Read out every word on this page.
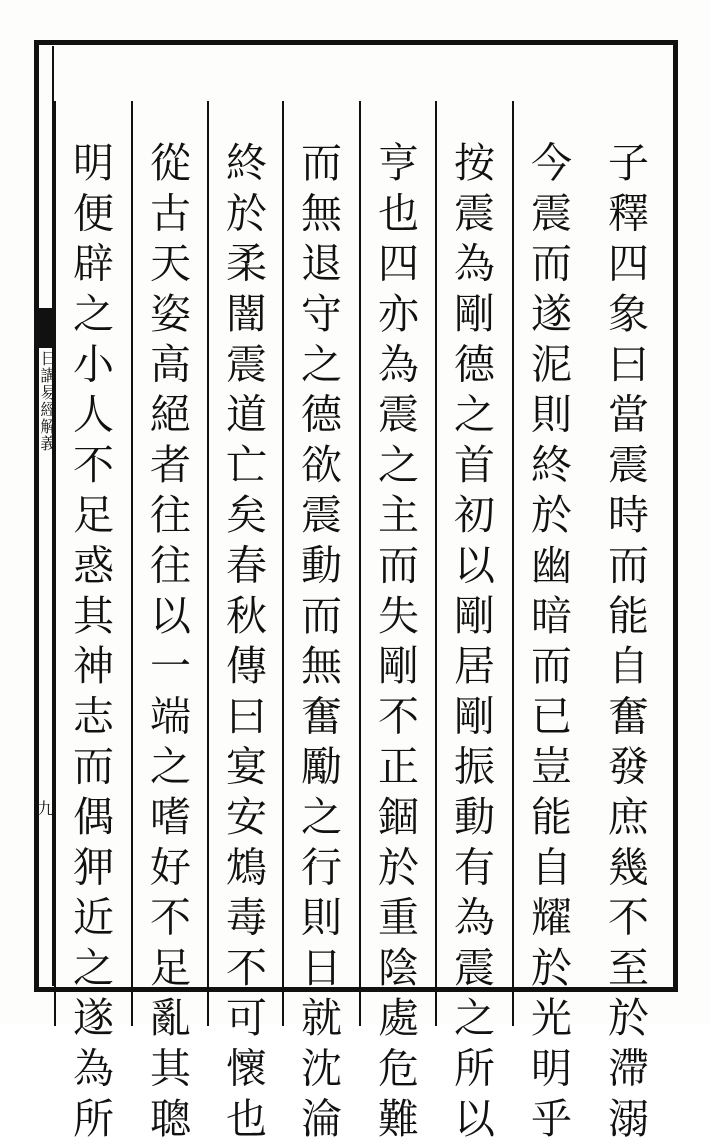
子釋四象曰當震時而能自奮發庶幾不至於滯溺
今震而遂泥則終於幽暗而已豈能自耀於光明乎
按震為剛德之首初以剛居剛振動有為震之所以
亨也四亦為震之主而失剛不正錮於重陰處危難
而無退守之德欲震動而無奮勵之行則日就沈淪
終於柔闇震道亡矣春秋傳曰宴安鴆毒不可懷也
從古天姿高絕者往往以一端之嗜好不足亂其聰
明便辟之小人不足惑其神志而偶狎近之遂為所
日講易經解義
九
